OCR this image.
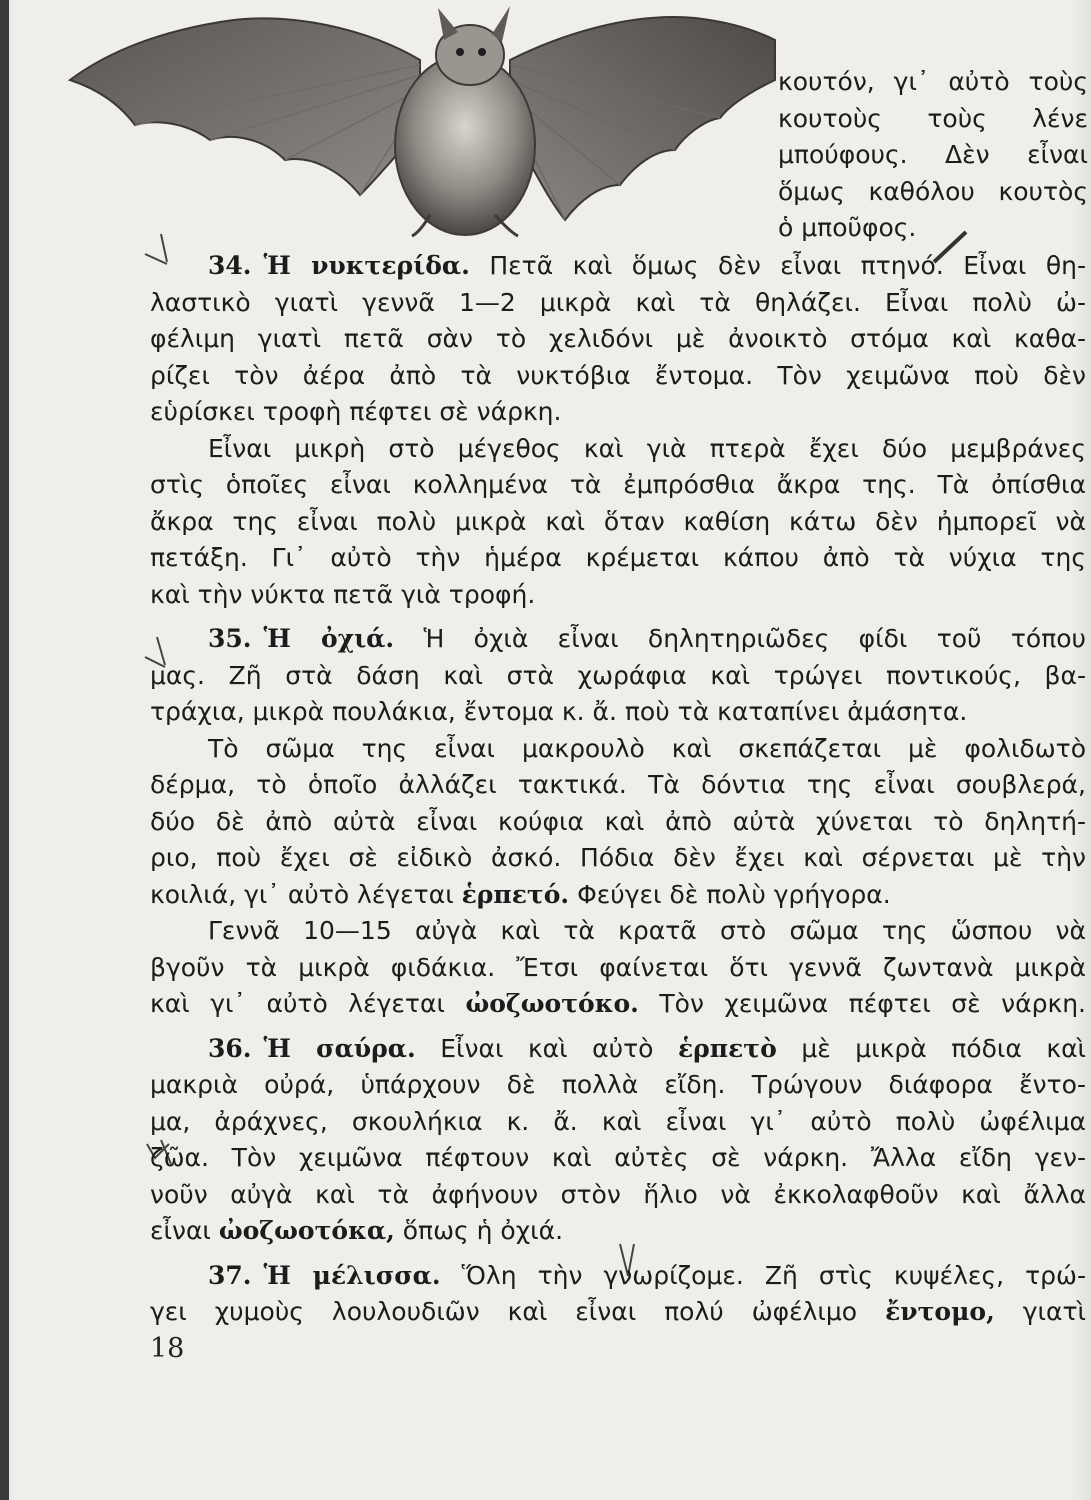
κουτόν, γι᾽ αὐτὸ τοὺς
κουτοὺς τοὺς λένε
μπούφους. Δὲν εἶναι
ὅμως καθόλου κουτὸς
ὁ μποῦφος.
34. Ἡ νυκτερίδα. Πετᾶ καὶ ὅμως δὲν εἶναι πτηνό. Εἶναι θη-
λαστικὸ γιατὶ γεννᾶ 1—2 μικρὰ καὶ τὰ θηλάζει. Εἶναι πολὺ ὠ-
φέλιμη γιατὶ πετᾶ σὰν τὸ χελιδόνι μὲ ἀνοικτὸ στόμα καὶ καθα-
ρίζει τὸν ἀέρα ἀπὸ τὰ νυκτόβια ἔντομα. Τὸν χειμῶνα ποὺ δὲν
εὑρίσκει τροφὴ πέφτει σὲ νάρκη.
Εἶναι μικρὴ στὸ μέγεθος καὶ γιὰ πτερὰ ἔχει δύο μεμβράνες
στὶς ὁποῖες εἶναι κολλημένα τὰ ἐμπρόσθια ἄκρα της. Τὰ ὀπίσθια
ἄκρα της εἶναι πολὺ μικρὰ καὶ ὅταν καθίση κάτω δὲν ἠμπορεῖ νὰ
πετάξη. Γι᾽ αὐτὸ τὴν ἡμέρα κρέμεται κάπου ἀπὸ τὰ νύχια της
καὶ τὴν νύκτα πετᾶ γιὰ τροφή.
35. Ἡ ὀχιά. Ἡ ὀχιὰ εἶναι δηλητηριῶδες φίδι τοῦ τόπου
μας. Ζῆ στὰ δάση καὶ στὰ χωράφια καὶ τρώγει ποντικούς, βα-
τράχια, μικρὰ πουλάκια, ἔντομα κ. ἄ. ποὺ τὰ καταπίνει ἀμάσητα.
Τὸ σῶμα της εἶναι μακρουλὸ καὶ σκεπάζεται μὲ φολιδωτὸ
δέρμα, τὸ ὁποῖο ἀλλάζει τακτικά. Τὰ δόντια της εἶναι σουβλερά,
δύο δὲ ἀπὸ αὐτὰ εἶναι κούφια καὶ ἀπὸ αὐτὰ χύνεται τὸ δηλητή-
ριο, ποὺ ἔχει σὲ εἰδικὸ ἀσκό. Πόδια δὲν ἔχει καὶ σέρνεται μὲ τὴν
κοιλιά, γι᾽ αὐτὸ λέγεται ἑρπετό. Φεύγει δὲ πολὺ γρήγορα.
Γεννᾶ 10—15 αὐγὰ καὶ τὰ κρατᾶ στὸ σῶμα της ὥσπου νὰ
βγοῦν τὰ μικρὰ φιδάκια. Ἔτσι φαίνεται ὅτι γεννᾶ ζωντανὰ μικρὰ
καὶ γι᾽ αὐτὸ λέγεται ὠοζωοτόκο. Τὸν χειμῶνα πέφτει σὲ νάρκη.
36. Ἡ σαύρα. Εἶναι καὶ αὐτὸ ἑρπετὸ μὲ μικρὰ πόδια καὶ
μακριὰ οὐρά, ὑπάρχουν δὲ πολλὰ εἴδη. Τρώγουν διάφορα ἔντο-
μα, ἀράχνες, σκουλήκια κ. ἄ. καὶ εἶναι γι᾽ αὐτὸ πολὺ ὠφέλιμα
ζῶα. Τὸν χειμῶνα πέφτουν καὶ αὐτὲς σὲ νάρκη. Ἄλλα εἴδη γεν-
νοῦν αὐγὰ καὶ τὰ ἀφήνουν στὸν ἥλιο νὰ ἐκκολαφθοῦν καὶ ἄλλα
εἶναι ὠοζωοτόκα, ὅπως ἡ ὀχιά.
37. Ἡ μέλισσα. Ὅλη τὴν γνωρίζομε. Ζῆ στὶς κυψέλες, τρώ-
γει χυμοὺς λουλουδιῶν καὶ εἶναι πολύ ὠφέλιμο ἔντομο, γιατὶ
18
